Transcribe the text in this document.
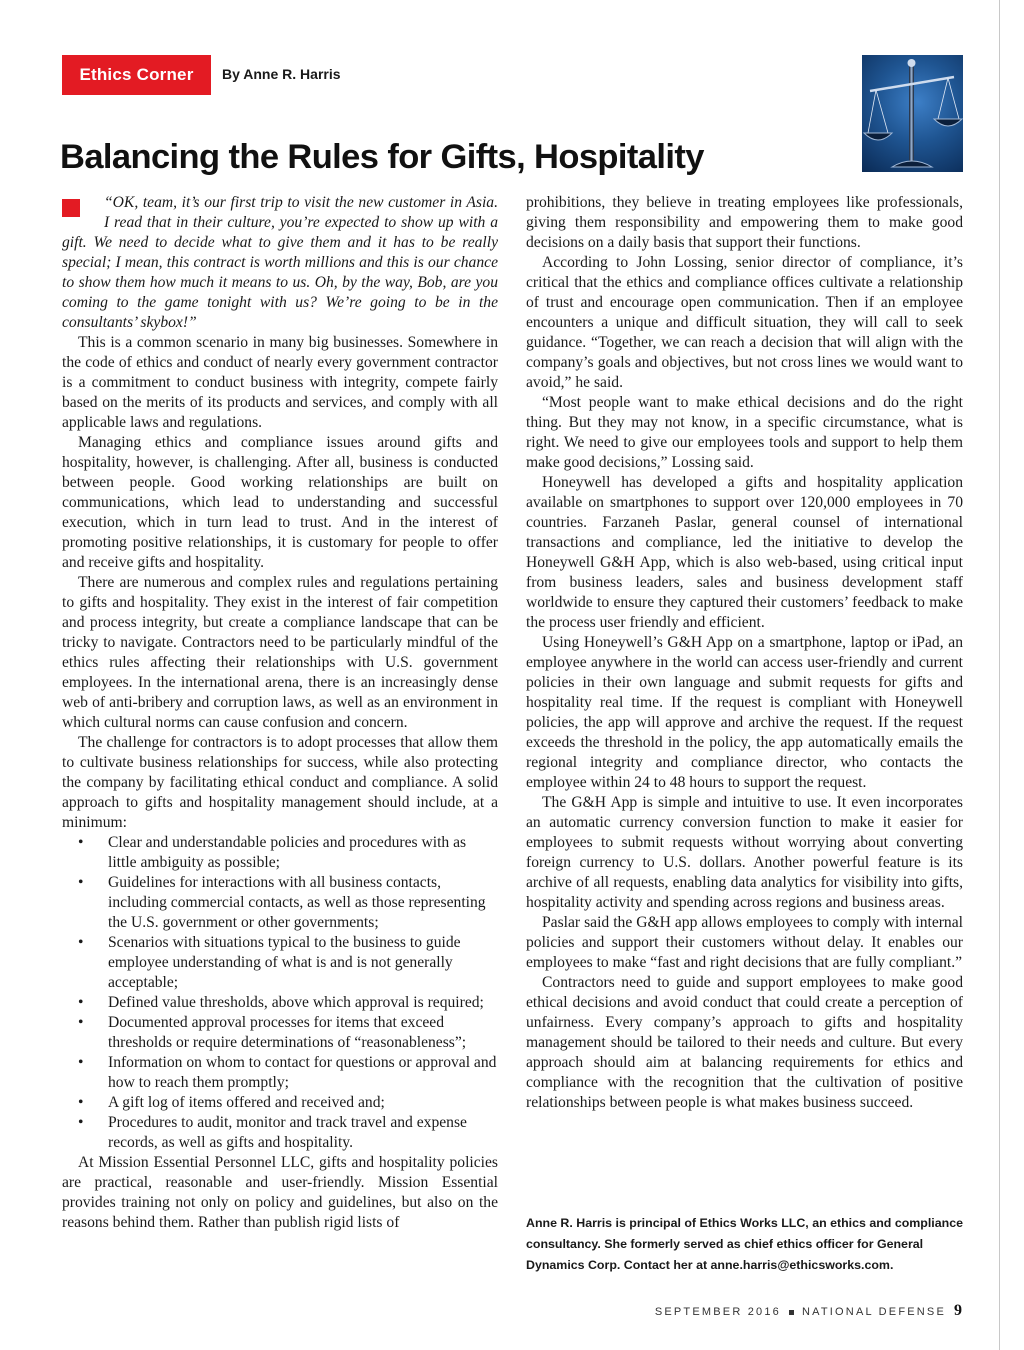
Ethics Corner	By Anne R. Harris
Balancing the Rules for Gifts, Hospitality

“OK, team, it’s our first trip to visit the new customer in Asia. I read that in their culture, you’re expected to show up with a gift. We need to decide what to give them and it has to be really special; I mean, this contract is worth millions and this is our chance to show them how much it means to us. Oh, by the way, Bob, are you coming to the game tonight with us? We’re going to be in the consultants’ skybox!”

This is a common scenario in many big businesses. Somewhere in the code of ethics and conduct of nearly every government contractor is a commitment to conduct business with integrity, compete fairly based on the merits of its products and services, and comply with all applicable laws and regulations.

Managing ethics and compliance issues around gifts and hospitality, however, is challenging. After all, business is conducted between people. Good working relationships are built on communications, which lead to understanding and successful execution, which in turn lead to trust. And in the interest of promoting positive relationships, it is customary for people to offer and receive gifts and hospitality.

There are numerous and complex rules and regulations pertaining to gifts and hospitality. They exist in the interest of fair competition and process integrity, but create a compliance landscape that can be tricky to navigate. Contractors need to be particularly mindful of the ethics rules affecting their relationships with U.S. government employees. In the international arena, there is an increasingly dense web of anti-bribery and corruption laws, as well as an environment in which cultural norms can cause confusion and concern.

The challenge for contractors is to adopt processes that allow them to cultivate business relationships for success, while also protecting the company by facilitating ethical conduct and compliance. A solid approach to gifts and hospitality management should include, at a minimum:

• Clear and understandable policies and procedures with as little ambiguity as possible;
• Guidelines for interactions with all business contacts, including commercial contacts, as well as those representing the U.S. government or other governments;
• Scenarios with situations typical to the business to guide employee understanding of what is and is not generally acceptable;
• Defined value thresholds, above which approval is required;
• Documented approval processes for items that exceed thresholds or require determinations of “reasonableness”;
• Information on whom to contact for questions or approval and how to reach them promptly;
• A gift log of items offered and received and;
• Procedures to audit, monitor and track travel and expense records, as well as gifts and hospitality.

At Mission Essential Personnel LLC, gifts and hospitality policies are practical, reasonable and user-friendly. Mission Essential provides training not only on policy and guidelines, but also on the reasons behind them. Rather than publish rigid lists of

prohibitions, they believe in treating employees like professionals, giving them responsibility and empowering them to make good decisions on a daily basis that support their functions.

According to John Lossing, senior director of compliance, it’s critical that the ethics and compliance offices cultivate a relationship of trust and encourage open communication. Then if an employee encounters a unique and difficult situation, they will call to seek guidance. “Together, we can reach a decision that will align with the company’s goals and objectives, but not cross lines we would want to avoid,” he said.

“Most people want to make ethical decisions and do the right thing. But they may not know, in a specific circumstance, what is right. We need to give our employees tools and support to help them make good decisions,” Lossing said.

Honeywell has developed a gifts and hospitality application available on smartphones to support over 120,000 employees in 70 countries. Farzaneh Paslar, general counsel of international transactions and compliance, led the initiative to develop the Honeywell G&H App, which is also web-based, using critical input from business leaders, sales and business development staff worldwide to ensure they captured their customers’ feedback to make the process user friendly and efficient.

Using Honeywell’s G&H App on a smartphone, laptop or iPad, an employee anywhere in the world can access user-friendly and current policies in their own language and submit requests for gifts and hospitality real time. If the request is compliant with Honeywell policies, the app will approve and archive the request. If the request exceeds the threshold in the policy, the app automatically emails the regional integrity and compliance director, who contacts the employee within 24 to 48 hours to support the request.

The G&H App is simple and intuitive to use. It even incorporates an automatic currency conversion function to make it easier for employees to submit requests without worrying about converting foreign currency to U.S. dollars. Another powerful feature is its archive of all requests, enabling data analytics for visibility into gifts, hospitality activity and spending across regions and business areas.

Paslar said the G&H app allows employees to comply with internal policies and support their customers without delay. It enables our employees to make “fast and right decisions that are fully compliant.”

Contractors need to guide and support employees to make good ethical decisions and avoid conduct that could create a perception of unfairness. Every company’s approach to gifts and hospitality management should be tailored to their needs and culture. But every approach should aim at balancing requirements for ethics and compliance with the recognition that the cultivation of positive relationships between people is what makes business succeed.

Anne R. Harris is principal of Ethics Works LLC, an ethics and compliance consultancy. She formerly served as chief ethics officer for General Dynamics Corp. Contact her at anne.harris@ethicsworks.com.
SEPTEMBER 2016 NATIONAL DEFENSE 9
